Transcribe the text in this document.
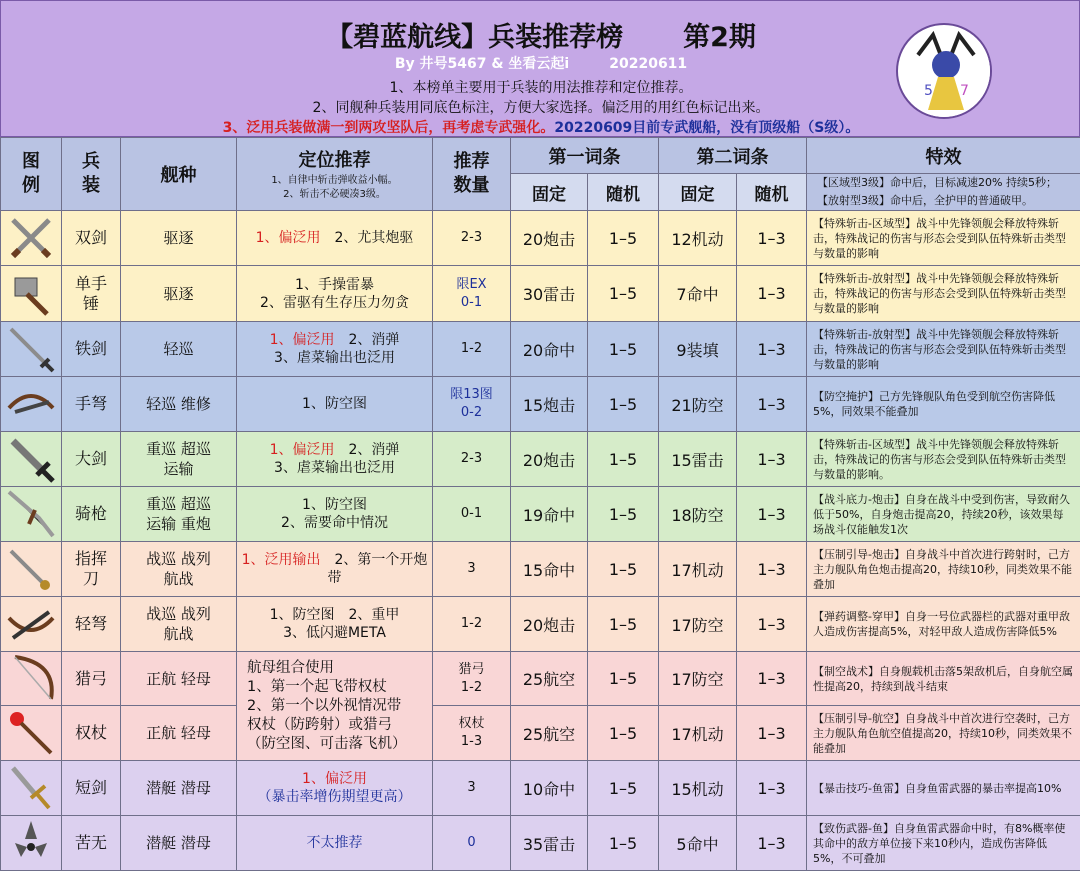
【碧蓝航线】兵装推荐榜 第2期
By 井号5467 & 坐看云起i	20220611
1、本榜单主要用于兵装的用法推荐和定位推荐。
2、同舰种兵装用同底色标注，方便大家选择。偏泛用的用红色标记出来。
3、泛用兵装做满一到两攻坚队后，再考虑专武强化。20220609目前专武舰船，没有顶级船（S级）。
5 7
图例	兵装	舰种	定位推荐
1、自律中斩击弹收益小幅。
2、斩击不必硬凑3级。	推荐数量	第一词条		第二词条		特效
					固定	随机	固定	随机	【区域型3级】命中后，目标减速20% 持续5秒；
【放射型3级】命中后，全护甲的普通破甲。

	双剑	驱逐	1、偏泛用　 2、尤其炮驱	2-3	20炮击	1–5	12机动	1–3	【特殊斩击-区域型】战斗中先锋领舰会释放特殊斩击，特殊战记的伤害与形态会受到队伍特殊斩击类型与数量的影响

	单手锤	驱逐	1、手操雷暴
2、雷驱有生存压力勿贪	限EX
0-1	30雷击	1–5	7命中	1–3	【特殊斩击-放射型】战斗中先锋领舰会释放特殊斩击，特殊战记的伤害与形态会受到队伍特殊斩击类型与数量的影响

	铁剑	轻巡	1、偏泛用　 2、消弹
3、虐菜输出也泛用	1-2	20命中	1–5	9装填	1–3	【特殊斩击-放射型】战斗中先锋领舰会释放特殊斩击，特殊战记的伤害与形态会受到队伍特殊斩击类型与数量的影响

	手弩	轻巡 维修	1、防空图	限13图
0-2	15炮击	1–5	21防空	1–3	【防空掩护】己方先锋舰队角色受到航空伤害降低5%，同效果不能叠加

	大剑	重巡 超巡
运输	1、偏泛用　 2、消弹
3、虐菜输出也泛用	2-3	20炮击	1–5	15雷击	1–3	【特殊斩击-区域型】战斗中先锋领舰会释放特殊斩击，特殊战记的伤害与形态会受到队伍特殊斩击类型与数量的影响。

	骑枪	重巡 超巡
运输 重炮	1、防空图
2、需要命中情况	0-1	19命中	1–5	18防空	1–3	【战斗底力-炮击】自身在战斗中受到伤害，导致耐久低于50%，自身炮击提高20，持续20秒，该效果每场战斗仅能触发1次

	指挥刀	战巡 战列
航战	1、泛用输出　 2、第一个开炮带	3	15命中	1–5	17机动	1–3	【压制引导-炮击】自身战斗中首次进行跨射时，己方主力舰队角色炮击提高20，持续10秒，同类效果不能叠加

	轻弩	战巡 战列
航战	1、防空图　2、重甲
3、低闪避META	1-2	20炮击	1–5	17防空	1–3	【弹药调整-穿甲】自身一号位武器栏的武器对重甲敌人造成伤害提高5%，对轻甲敌人造成伤害降低5%

	猎弓	正航 轻母	航母组合使用
1、第一个起飞带权杖
2、第一个以外视情况带
权杖（防跨射）或猎弓
（防空图、可击落飞机）	猎弓
1-2	25航空	1–5	17防空	1–3	【制空战术】自身舰载机击落5架敌机后，自身航空属性提高20，持续到战斗结束

	权杖	正航 轻母		权杖
1-3	25航空	1–5	17机动	1–3	【压制引导-航空】自身战斗中首次进行空袭时，己方主力舰队角色航空值提高20，持续10秒，同类效果不能叠加

	短剑	潜艇 潜母	1、偏泛用
（暴击率增伤期望更高）	3	10命中	1–5	15机动	1–3	【暴击技巧-鱼雷】自身鱼雷武器的暴击率提高10%

	苦无	潜艇 潜母	不太推荐	0	35雷击	1–5	5命中	1–3	【致伤武器-鱼】自身鱼雷武器命中时，有8%概率使其命中的敌方单位接下来10秒内，造成伤害降低5%，不可叠加
